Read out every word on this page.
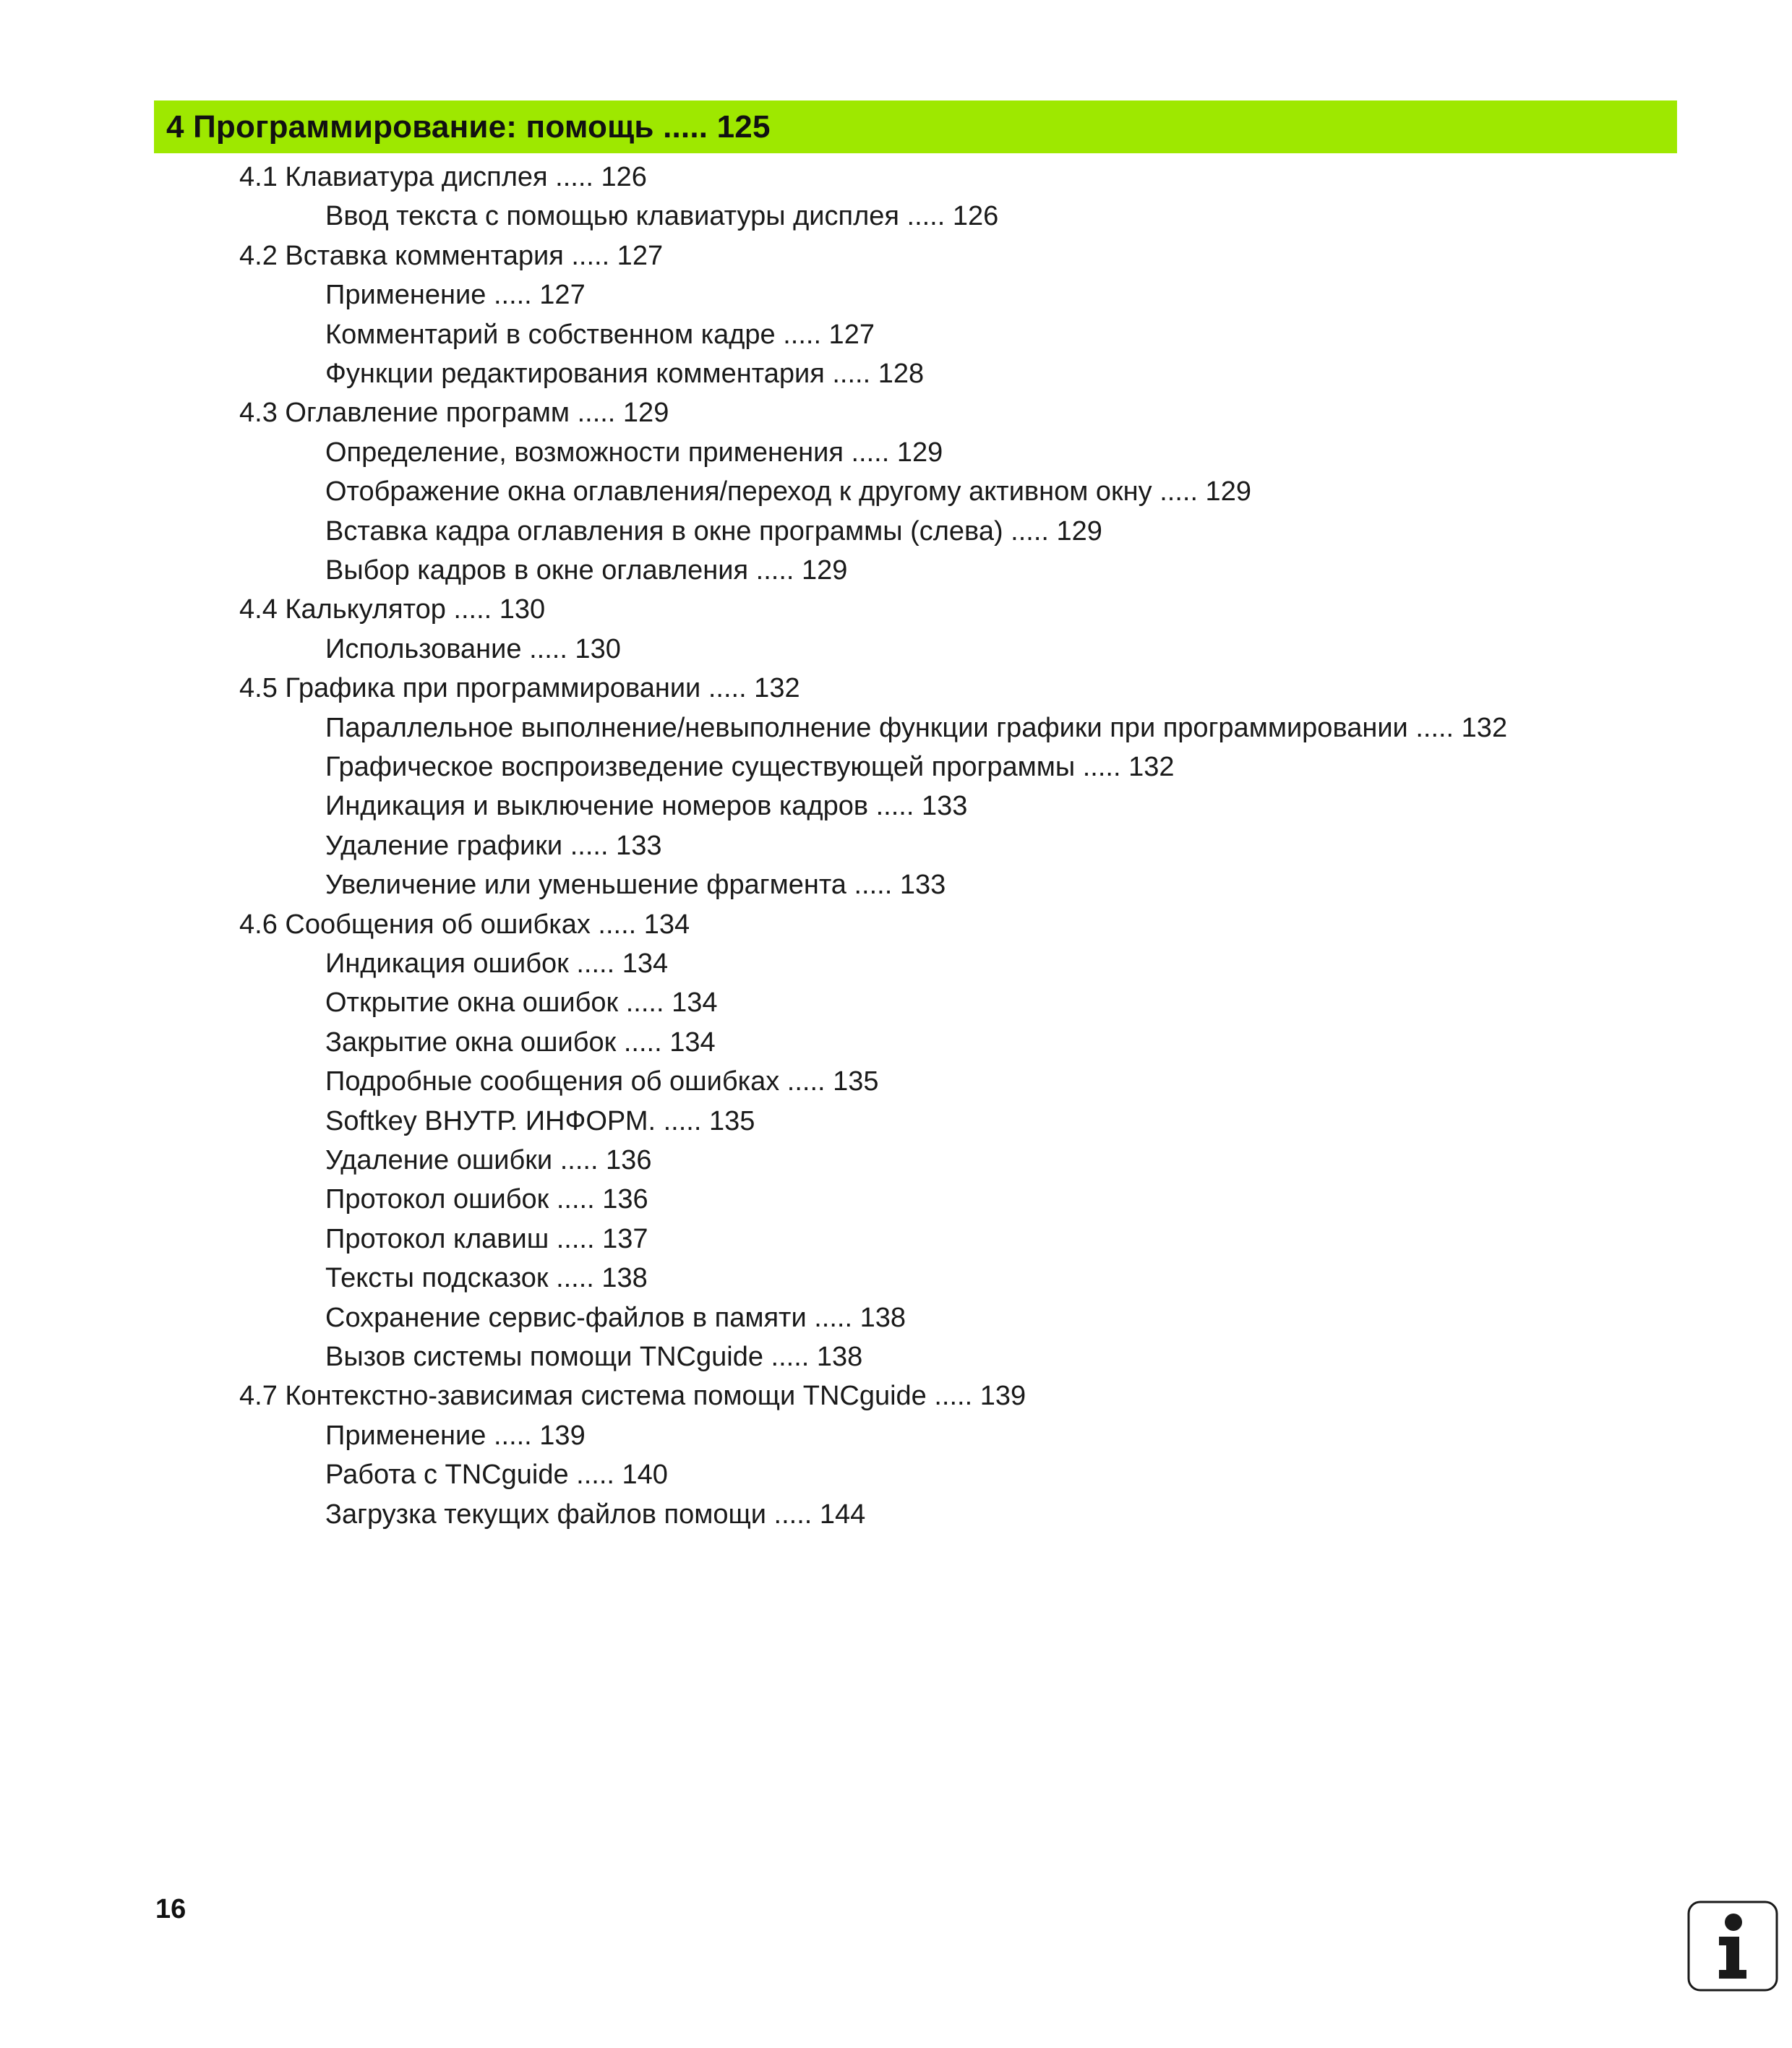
4 Программирование: помощь ..... 125
4.1 Клавиатура дисплея ..... 126
Ввод текста с помощью клавиатуры дисплея ..... 126
4.2 Вставка комментария ..... 127
Применение ..... 127
Комментарий в собственном кадре ..... 127
Функции редактирования комментария ..... 128
4.3 Оглавление программ ..... 129
Определение, возможности применения ..... 129
Отображение окна оглавления/переход к другому активном окну ..... 129
Вставка кадра оглавления в окне программы (слева) ..... 129
Выбор кадров в окне оглавления ..... 129
4.4 Калькулятор ..... 130
Использование ..... 130
4.5 Графика при программировании ..... 132
Параллельное выполнение/невыполнение функции графики при программировании ..... 132
Графическое воспроизведение существующей программы ..... 132
Индикация и выключение номеров кадров ..... 133
Удаление графики ..... 133
Увеличение или уменьшение фрагмента ..... 133
4.6 Сообщения об ошибках ..... 134
Индикация ошибок ..... 134
Открытие окна ошибок ..... 134
Закрытие окна ошибок ..... 134
Подробные сообщения об ошибках ..... 135
Softkey ВНУТР. ИНФОРМ. ..... 135
Удаление ошибки ..... 136
Протокол ошибок ..... 136
Протокол клавиш ..... 137
Тексты подсказок ..... 138
Сохранение сервис-файлов в памяти ..... 138
Вызов системы помощи TNCguide ..... 138
4.7 Контекстно-зависимая система помощи TNCguide ..... 139
Применение ..... 139
Работа с TNCguide ..... 140
Загрузка текущих файлов помощи ..... 144
16
